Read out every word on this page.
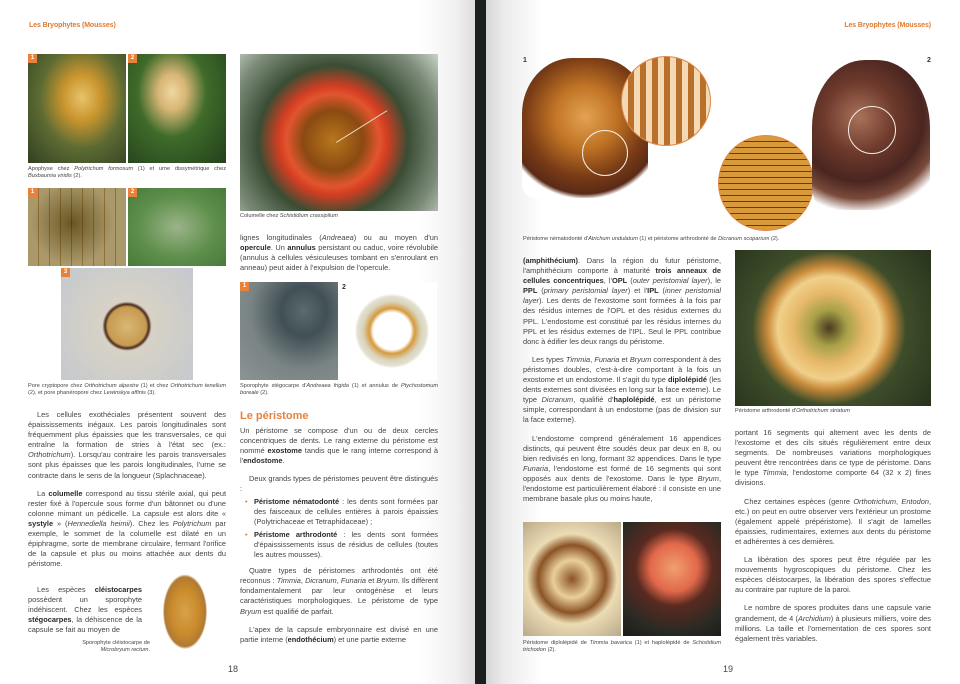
Les Bryophytes (Mousses)
1	2
Apophyse chez Polytrichum formosum (1) et urne dissymétrique chez Buxbaumia viridis (2).
1	2
3
Pore cryptopore chez Orthotrichum alpestre (1) et chez Orthotrichum tenellum (2), et pore phanéropore chez Lewinskya affinis (3).

Les cellules exothéciales présentent souvent des épaississements inégaux. Les parois longitudinales sont fréquemment plus épaissies que les transversales, ce qui entraîne la formation de stries à l'état sec (ex.: Orthotrichum). Lorsqu'au contraire les parois transversales sont plus épaisses que les parois longitudinales, l'urne se contracte dans le sens de la longueur (Splachnaceae).

La columelle correspond au tissu stérile axial, qui peut rester fixé à l'opercule sous forme d'un bâtonnet ou d'une colonne mimant un pédicelle. La capsule est alors dite « systyle » (Hennediella heimii). Chez les Polytrichum par exemple, le sommet de la columelle est dilaté en un épiphragme, sorte de membrane circulaire, fermant l'orifice de la capsule et plus ou moins attachée aux dents du péristome.

Les espèces cléistocarpes possèdent un sporophyte indéhiscent. Chez les espèces stégocarpes, la déhiscence de la capsule se fait au moyen de

Sporophyte cléistocarpe de Microbryum rectum.
Columelle chez Schistidium crassipilum

lignes longitudinales (Andreaea) ou au moyen d'un opercule. Un annulus persistant ou caduc, voire révolubile (annulus à cellules vésiculeuses tombant en s'enroulant en anneau) peut aider à l'expulsion de l'opercule.

1	2
Sporophyte stégocarpe d'Andreaea frigida (1) et annulus de Ptychostomum boreale (2).
Le péristome

Un péristome se compose d'un ou de deux cercles concentriques de dents. Le rang externe du péristome est nommé exostome tandis que le rang interne correspond à l'endostome.

Deux grands types de péristomes peuvent être distingués :

• Péristome nématodonté : les dents sont formées par des faisceaux de cellules entières à parois épaissies (Polytrichaceae et Tetraphidaceae) ;
• Péristome arthrodonté : les dents sont formées d'épaississements issus de résidus de cellules (toutes les autres mousses).

Quatre types de péristomes arthrodontés ont été reconnus : Timmia, Dicranum, Funaria et Bryum. Ils diffèrent fondamentalement par leur ontogénèse et leurs caractéristiques morphologiques. Le péristome de type Bryum est qualifié de parfait.

L'apex de la capsule embryonnaire est divisé en une partie interne (endothécium) et une partie externe

18
Les Bryophytes (Mousses)
1	2
Péristome nématodonté d'Atrichum undulatum (1) et péristome arthrodonté de Dicranum scoparium (2).

(amphithécium). Dans la région du futur péristome, l'amphithécium comporte à maturité trois anneaux de cellules concentriques, l'OPL (outer peristomial layer), le PPL (primary peristomial layer) et l'IPL (inner peristomial layer). Les dents de l'exostome sont formées à la fois par des résidus internes de l'OPL et des résidus externes du PPL. L'endostome est constitué par les résidus internes du PPL et les résidus externes de l'IPL. Seul le PPL contribue donc à édifier les deux rangs du péristome.

Les types Timmia, Funaria et Bryum correspondent à des péristomes doubles, c'est-à-dire comportant à la fois un exostome et un endostome. Il s'agit du type diplolépidé (les dents externes sont divisées en long sur la face externe). Le type Dicranum, qualifié d'haplolépidé, est un péristome simple, correspondant à un endostome (pas de division sur la face externe).

L'endostome comprend généralement 16 appendices distincts, qui peuvent être soudés deux par deux en 8, ou bien redivisés en long, formant 32 appendices. Dans le type Funaria, l'endostome est formé de 16 segments qui sont opposés aux dents de l'exostome. Dans le type Bryum, l'endostome est particulièrement élaboré : il consiste en une membrane basale plus ou moins haute,

Péristome diplolépidé de Timmia bavarica (1) et haplolépidé de Schistidium trichodon (2).
Péristome arthrodonté d'Orthotrichum striatum

portant 16 segments qui alternent avec les dents de l'exostome et des cils situés régulièrement entre deux segments. De nombreuses variations morphologiques peuvent être rencontrées dans ce type de péristome. Dans le type Timmia, l'endostome comporte 64 (32 x 2) fines divisions.

Chez certaines espèces (genre Orthotrichum, Entodon, etc.) on peut en outre observer vers l'extérieur un prostome (également appelé prépéristome). Il s'agit de lamelles épaissies, rudimentaires, externes aux dents du péristome et adhérentes à ces dernières.

La libération des spores peut être régulée par les mouvements hygroscopiques du péristome. Chez les espèces cléistocarpes, la libération des spores s'effectue au contraire par rupture de la paroi.

Le nombre de spores produites dans une capsule varie grandement, de 4 (Archidium) à plusieurs milliers, voire des millions. La taille et l'ornementation de ces spores sont également très variables.

19
